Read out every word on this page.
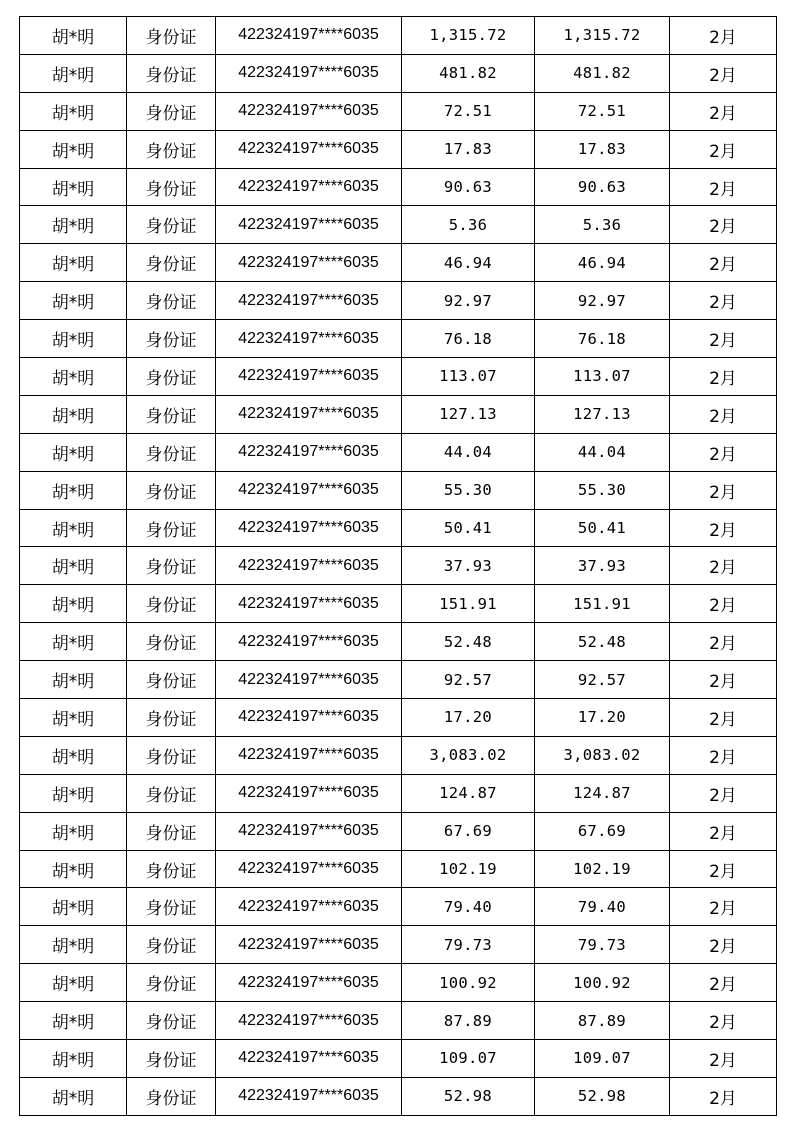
胡*明	身份证	422324197****6035	1,315.72	1,315.72	2月
胡*明	身份证	422324197****6035	481.82	481.82	2月
胡*明	身份证	422324197****6035	72.51	72.51	2月
胡*明	身份证	422324197****6035	17.83	17.83	2月
胡*明	身份证	422324197****6035	90.63	90.63	2月
胡*明	身份证	422324197****6035	5.36	5.36	2月
胡*明	身份证	422324197****6035	46.94	46.94	2月
胡*明	身份证	422324197****6035	92.97	92.97	2月
胡*明	身份证	422324197****6035	76.18	76.18	2月
胡*明	身份证	422324197****6035	113.07	113.07	2月
胡*明	身份证	422324197****6035	127.13	127.13	2月
胡*明	身份证	422324197****6035	44.04	44.04	2月
胡*明	身份证	422324197****6035	55.30	55.30	2月
胡*明	身份证	422324197****6035	50.41	50.41	2月
胡*明	身份证	422324197****6035	37.93	37.93	2月
胡*明	身份证	422324197****6035	151.91	151.91	2月
胡*明	身份证	422324197****6035	52.48	52.48	2月
胡*明	身份证	422324197****6035	92.57	92.57	2月
胡*明	身份证	422324197****6035	17.20	17.20	2月
胡*明	身份证	422324197****6035	3,083.02	3,083.02	2月
胡*明	身份证	422324197****6035	124.87	124.87	2月
胡*明	身份证	422324197****6035	67.69	67.69	2月
胡*明	身份证	422324197****6035	102.19	102.19	2月
胡*明	身份证	422324197****6035	79.40	79.40	2月
胡*明	身份证	422324197****6035	79.73	79.73	2月
胡*明	身份证	422324197****6035	100.92	100.92	2月
胡*明	身份证	422324197****6035	87.89	87.89	2月
胡*明	身份证	422324197****6035	109.07	109.07	2月
胡*明	身份证	422324197****6035	52.98	52.98	2月
